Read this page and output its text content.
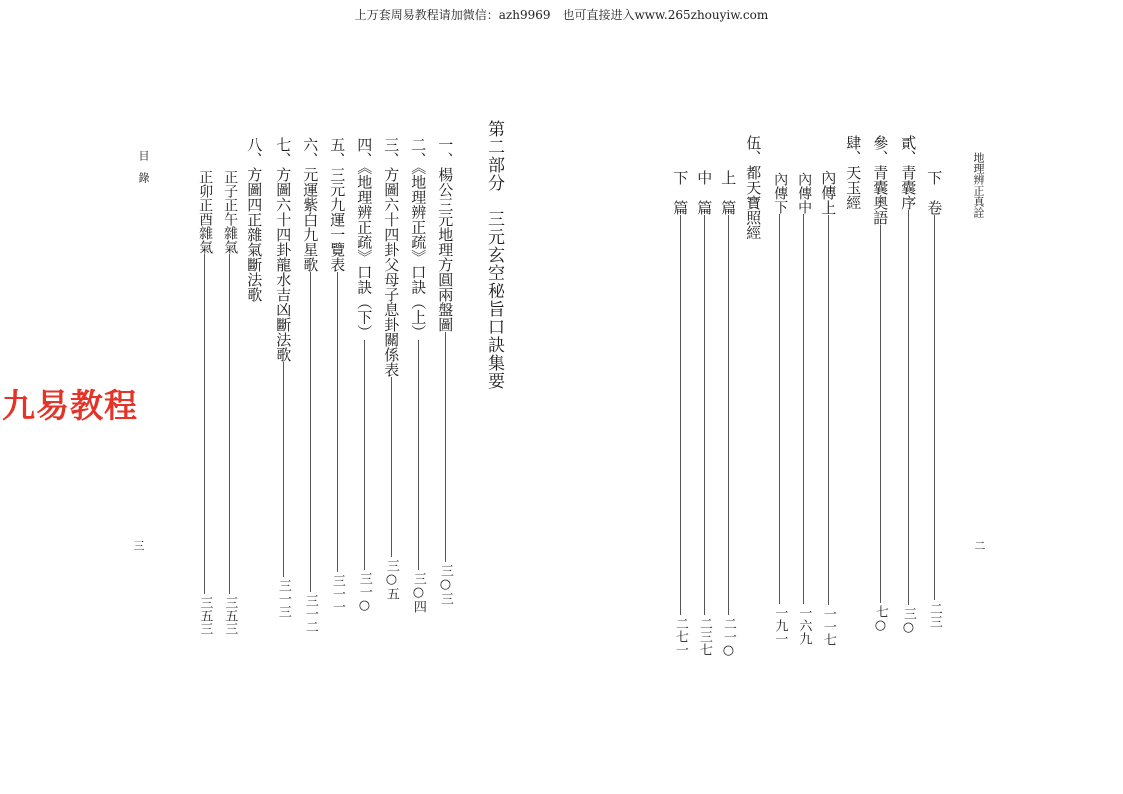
上万套周易教程请加微信：azh9969　也可直接进入www.265zhouyiw.com
九易教程
地理辨正真詮
二
下　卷
二三
貳、青囊序
三○
參、青囊奧語
七○
肆、天玉經
內傳上
一一七
內傳中
一六九
內傳下
一九一
伍、都天寶照經
上　篇
二一○
中　篇
二三七
下　篇
二七一
第二部分　三元玄空秘旨口訣集要
一、楊公三元地理方圓兩盤圖
三○三
二、《地理辨正疏》口訣（上）
三○四
三、方圖六十四卦父母子息卦關係表
三○五
四、《地理辨正疏》口訣（下）
三一○
五、三元九運一覽表
三一一
六、元運紫白九星歌
三一二
七、方圖六十四卦龍水吉凶斷法歌
三一三
八、方圖四正雜氣斷法歌
正子正午雜氣
三五三
正卯正酉雜氣
三五三
目　錄
三
